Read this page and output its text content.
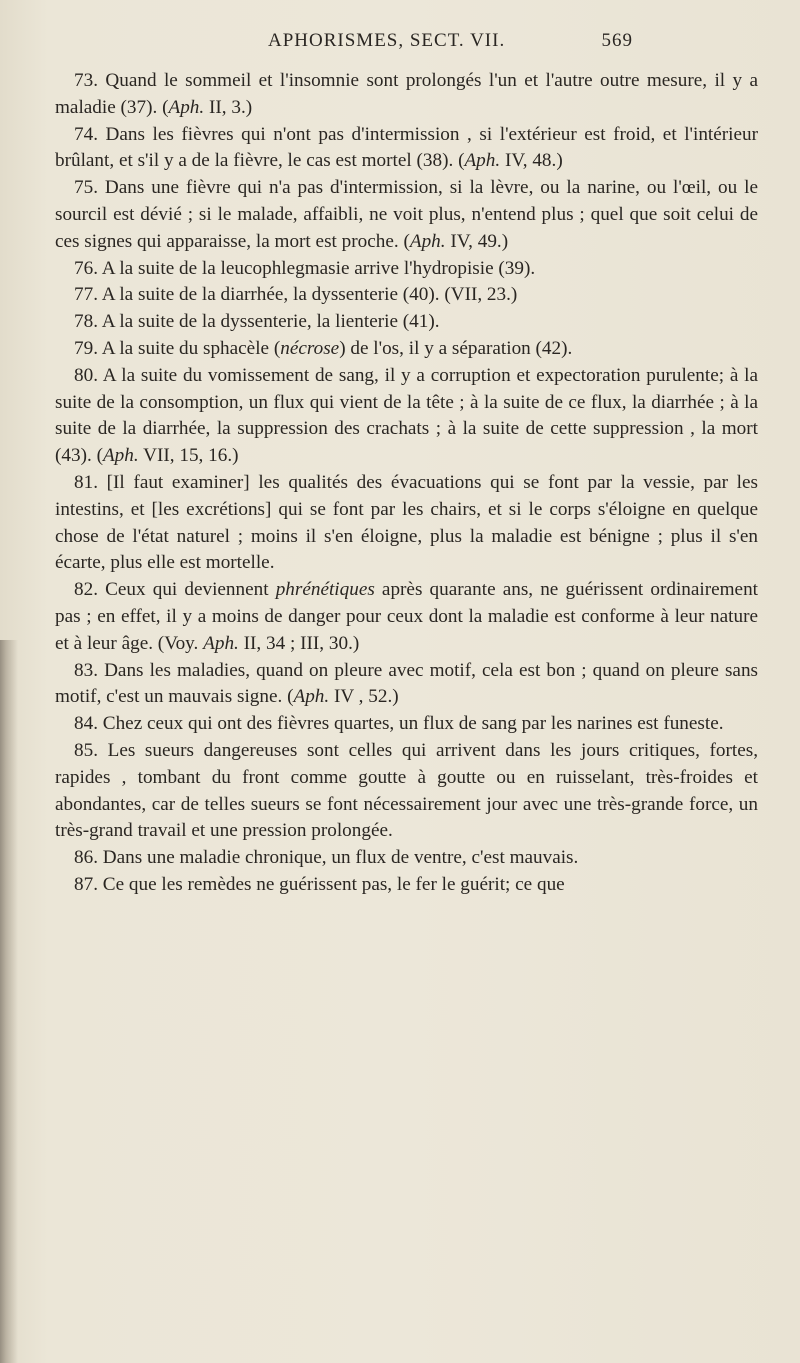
APHORISMES, SECT. VII.	569

73. Quand le sommeil et l'insomnie sont prolongés l'un et l'autre outre mesure, il y a maladie (37). (Aph. II, 3.)

74. Dans les fièvres qui n'ont pas d'intermission , si l'extérieur est froid, et l'intérieur brûlant, et s'il y a de la fièvre, le cas est mortel (38). (Aph. IV, 48.)

75. Dans une fièvre qui n'a pas d'intermission, si la lèvre, ou la narine, ou l'œil, ou le sourcil est dévié ; si le malade, affaibli, ne voit plus, n'entend plus ; quel que soit celui de ces signes qui apparaisse, la mort est proche. (Aph. IV, 49.)

76. A la suite de la leucophlegmasie arrive l'hydropisie (39).

77. A la suite de la diarrhée, la dyssenterie (40). (VII, 23.)

78. A la suite de la dyssenterie, la lienterie (41).

79. A la suite du sphacèle (nécrose) de l'os, il y a séparation (42).

80. A la suite du vomissement de sang, il y a corruption et expectoration purulente; à la suite de la consomption, un flux qui vient de la tête ; à la suite de ce flux, la diarrhée ; à la suite de la diarrhée, la suppression des crachats ; à la suite de cette suppression , la mort (43). (Aph. VII, 15, 16.)

81. [Il faut examiner] les qualités des évacuations qui se font par la vessie, par les intestins, et [les excrétions] qui se font par les chairs, et si le corps s'éloigne en quelque chose de l'état naturel ; moins il s'en éloigne, plus la maladie est bénigne ; plus il s'en écarte, plus elle est mortelle.

82. Ceux qui deviennent phrénétiques après quarante ans, ne guérissent ordinairement pas ; en effet, il y a moins de danger pour ceux dont la maladie est conforme à leur nature et à leur âge. (Voy. Aph. II, 34 ; III, 30.)

83. Dans les maladies, quand on pleure avec motif, cela est bon ; quand on pleure sans motif, c'est un mauvais signe. (Aph. IV , 52.)

84. Chez ceux qui ont des fièvres quartes, un flux de sang par les narines est funeste.

85. Les sueurs dangereuses sont celles qui arrivent dans les jours critiques, fortes, rapides , tombant du front comme goutte à goutte ou en ruisselant, très-froides et abondantes, car de telles sueurs se font nécessairement jour avec une très-grande force, un très-grand travail et une pression prolongée.

86. Dans une maladie chronique, un flux de ventre, c'est mauvais.

87. Ce que les remèdes ne guérissent pas, le fer le guérit; ce que
